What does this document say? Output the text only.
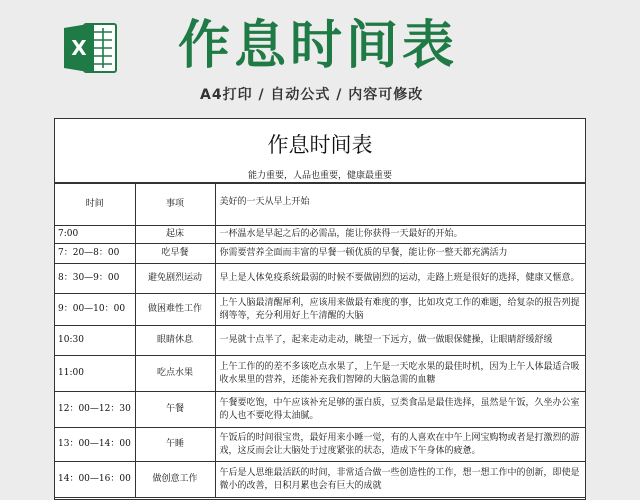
X 作息时间表
A4打印 / 自动公式 / 内容可修改
作息时间表
能力重要，人品也重要，健康最重要
时间	事项	美好的一天从早上开始
7:00	起床	一杯温水是早起之后的必需品，能让你获得一天最好的开始。
7：20—8：00	吃早餐	你需要营养全面而丰富的早餐一顿优质的早餐，能让你一整天都充满活力
8：30—9：00	避免剧烈运动	早上是人体免疫系统最弱的时候不要做剧烈的运动，走路上班是很好的选择，健康又惬意。
9：00—10：00	做困难性工作	上午人脑最清醒犀利，应该用来做最有难度的事，比如攻克工作的难题，给复杂的报告列提纲等等，充分利用好上午清醒的大脑
10:30	眼睛休息	一晃就十点半了，起来走动走动，眺望一下远方，做一做眼保健操，让眼睛舒缓舒缓
11:00	吃点水果	上午工作的的差不多该吃点水果了，上午是一天吃水果的最佳时机，因为上午人体最适合吸收水果里的营养，还能补充我们智障的大脑急需的血糖
12：00—12：30	午餐	午餐要吃饱，中午应该补充足够的蛋白质，豆类食品是最佳选择，虽然是午饭，久坐办公室的人也不要吃得太油腻。
13：00—14：00	午睡	午饭后的时间很宝贵，最好用来小睡一觉，有的人喜欢在中午上网宝购物或者是打激烈的游戏，这反而会让大脑处于过度紧张的状态，造成下午身体的疲惫。
14：00—16：00	做创意工作	午后是人思维最活跃的时间，非常适合做一些创造性的工作，想一想工作中的创新，即使是微小的改善，日积月累也会有巨大的成就
